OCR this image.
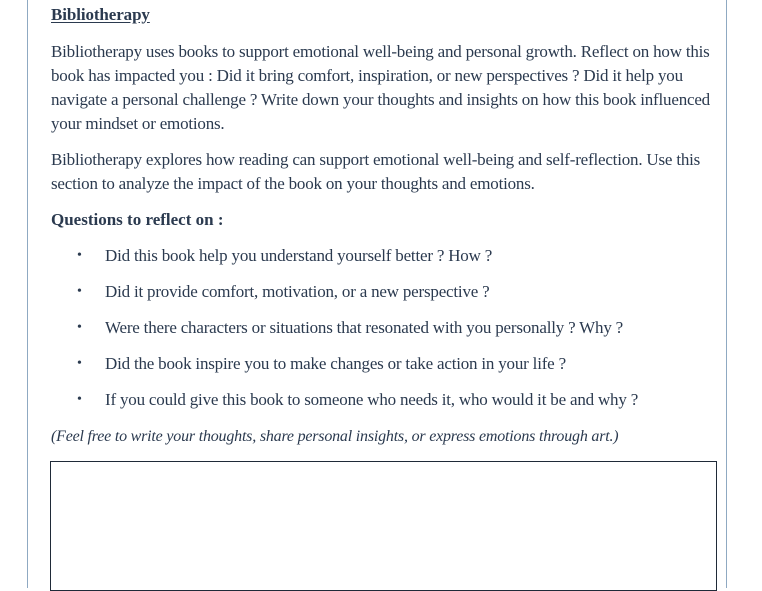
Bibliotherapy

Bibliotherapy uses books to support emotional well-being and personal growth. Reflect on how this book has impacted you : Did it bring comfort, inspiration, or new perspectives ? Did it help you navigate a personal challenge ? Write down your thoughts and insights on how this book influenced your mindset or emotions.

Bibliotherapy explores how reading can support emotional well-being and self-reflection. Use this section to analyze the impact of the book on your thoughts and emotions.

Questions to reflect on :

• Did this book help you understand yourself better ? How ?
• Did it provide comfort, motivation, or a new perspective ?
• Were there characters or situations that resonated with you personally ? Why ?
• Did the book inspire you to make changes or take action in your life ?
• If you could give this book to someone who needs it, who would it be and why ?

(Feel free to write your thoughts, share personal insights, or express emotions through art.)
